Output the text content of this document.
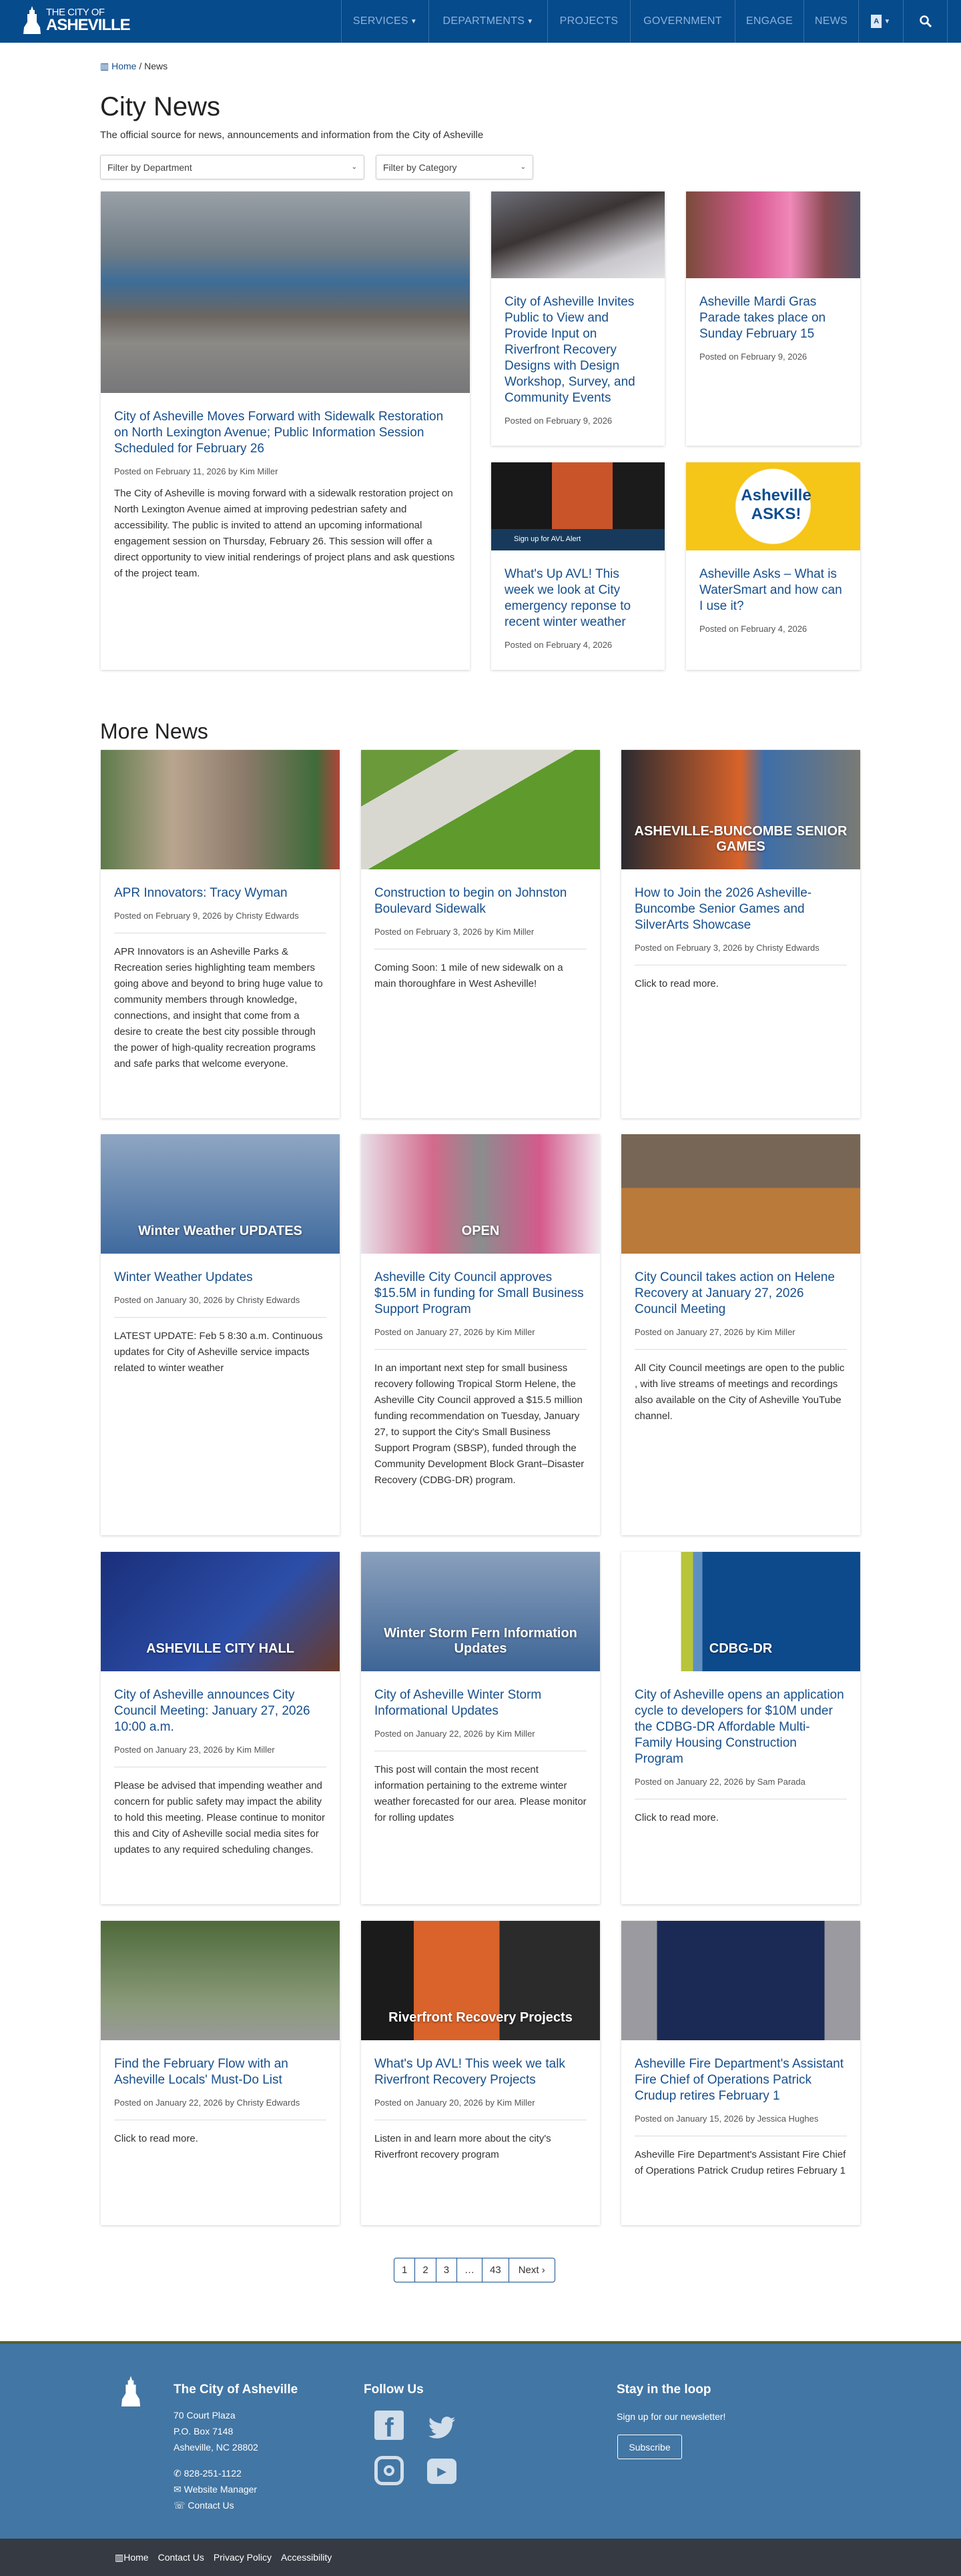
THE CITY OF
ASHEVILLE	SERVICES ▼ DEPARTMENTS ▼ PROJECTS GOVERNMENT ENGAGE NEWS	A ▼
▥ Home / News
City News
The official source for news, announcements and information from the City of Asheville
Filter by Department	⌄	Filter by Category	⌄
City of Asheville Moves Forward with Sidewalk Restoration on North Lexington Avenue; Public Information Session Scheduled for February 26
Posted on February 11, 2026 by Kim Miller
The City of Asheville is moving forward with a sidewalk restoration project on North Lexington Avenue aimed at improving pedestrian safety and accessibility. The public is invited to attend an upcoming informational engagement session on Thursday, February 26. This session will offer a direct opportunity to view initial renderings of project plans and ask questions of the project team.
City of Asheville Invites Public to View and Provide Input on Riverfront Recovery Designs with Design Workshop, Survey, and Community Events
Posted on February 9, 2026
Asheville Mardi Gras Parade takes place on Sunday February 15
Posted on February 9, 2026
Sign up for AVL Alert
What's Up AVL! This week we look at City emergency reponse to recent winter weather
Posted on February 4, 2026
Asheville ASKS!
Asheville Asks – What is WaterSmart and how can I use it?
Posted on February 4, 2026
More News
APR Innovators: Tracy Wyman
Posted on February 9, 2026 by Christy Edwards
APR Innovators is an Asheville Parks & Recreation series highlighting team members going above and beyond to bring huge value to community members through knowledge, connections, and insight that come from a desire to create the best city possible through the power of high-quality recreation programs and safe parks that welcome everyone.
Construction to begin on Johnston Boulevard Sidewalk
Posted on February 3, 2026 by Kim Miller
Coming Soon: 1 mile of new sidewalk on a main thoroughfare in West Asheville!
ASHEVILLE-BUNCOMBE SENIOR GAMES
How to Join the 2026 Asheville-Buncombe Senior Games and SilverArts Showcase
Posted on February 3, 2026 by Christy Edwards
Click to read more.
Winter Weather UPDATES
Winter Weather Updates
Posted on January 30, 2026 by Christy Edwards
LATEST UPDATE: Feb 5 8:30 a.m. Continuous updates for City of Asheville service impacts related to winter weather
OPEN
Asheville City Council approves $15.5M in funding for Small Business Support Program
Posted on January 27, 2026 by Kim Miller
In an important next step for small business recovery following Tropical Storm Helene, the Asheville City Council approved a $15.5 million funding recommendation on Tuesday, January 27, to support the City's Small Business Support Program (SBSP), funded through the Community Development Block Grant–Disaster Recovery (CDBG-DR) program.
City Council takes action on Helene Recovery at January 27, 2026 Council Meeting
Posted on January 27, 2026 by Kim Miller
All City Council meetings are open to the public , with live streams of meetings and recordings also available on the City of Asheville YouTube channel.
ASHEVILLE CITY HALL
City of Asheville announces City Council Meeting: January 27, 2026 10:00 a.m.
Posted on January 23, 2026 by Kim Miller
Please be advised that impending weather and concern for public safety may impact the ability to hold this meeting. Please continue to monitor this and City of Asheville social media sites for updates to any required scheduling changes.
Winter Storm Fern Information Updates
City of Asheville Winter Storm Informational Updates
Posted on January 22, 2026 by Kim Miller
This post will contain the most recent information pertaining to the extreme winter weather forecasted for our area. Please monitor for rolling updates
CDBG-DR
City of Asheville opens an application cycle to developers for $10M under the CDBG-DR Affordable Multi-Family Housing Construction Program
Posted on January 22, 2026 by Sam Parada
Click to read more.
Find the February Flow with an Asheville Locals' Must-Do List
Posted on January 22, 2026 by Christy Edwards
Click to read more.
Riverfront Recovery Projects
What's Up AVL! This week we talk Riverfront Recovery Projects
Posted on January 20, 2026 by Kim Miller
Listen in and learn more about the city's Riverfront recovery program
Asheville Fire Department's Assistant Fire Chief of Operations Patrick Crudup retires February 1
Posted on January 15, 2026 by Jessica Hughes
Asheville Fire Department's Assistant Fire Chief of Operations Patrick Crudup retires February 1
1	2	3	…	43	Next
›
The City of Asheville
70 Court Plaza
P.O. Box 7148
Asheville, NC 28802
✆ 828-251-1122
✉ Website Manager
☏ Contact Us
Follow Us
f
▶
Stay in the loop
Sign up for our newsletter!
Subscribe
▥Home Contact Us Privacy Policy Accessibility
